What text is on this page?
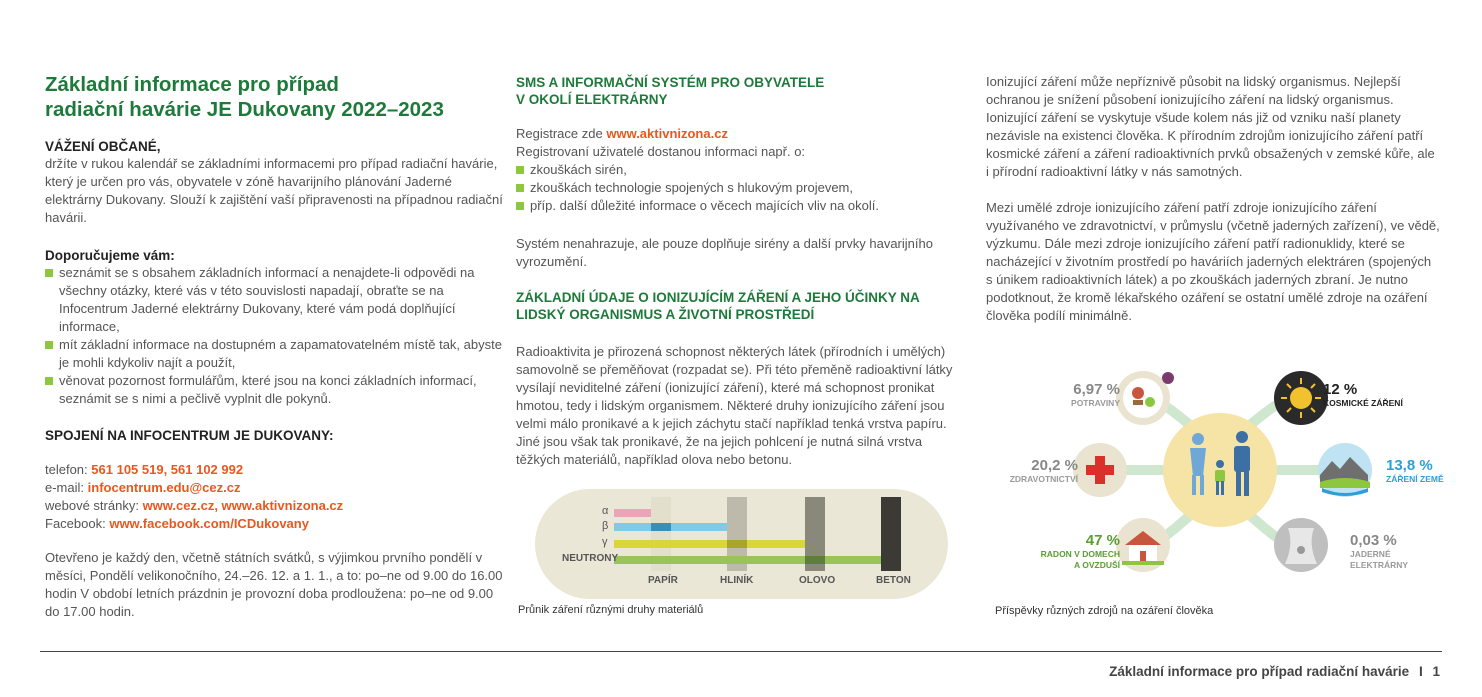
Základní informace pro případ
radiační havárie JE Dukovany 2022–2023
VÁŽENÍ OBČANÉ,

držíte v rukou kalendář se základními informacemi pro případ radiační havárie, který je určen pro vás, obyvatele v zóně havarijního plánování Jaderné elektrárny Dukovany. Slouží k zajištění vaší připravenosti na případnou radiační havárii.

Doporučujeme vám:
seznámit se s obsahem základních informací a nenajdete-li odpovědi na všechny otázky, které vás v této souvislosti napadají, obraťte se na Infocentrum Jaderné elektrárny Dukovany, které vám podá doplňující informace,
mít základní informace na dostupném a zapamatovatelném místě tak, abyste je mohli kdykoliv najít a použít,
věnovat pozornost formulářům, které jsou na konci základních informací, seznámit se s nimi a pečlivě vyplnit dle pokynů.
SPOJENÍ NA INFOCENTRUM JE DUKOVANY:

telefon: 561 105 519, 561 102 992

e-mail: infocentrum.edu@cez.cz

webové stránky: www.cez.cz, www.aktivnizona.cz

Facebook: www.facebook.com/ICDukovany

Otevřeno je každý den, včetně státních svátků, s výjimkou prvního pondělí v měsíci, Pondělí velikonočního, 24.–26. 12. a 1. 1., a to: po–ne od 9.00 do 16.00 hodin V období letních prázdnin je provozní doba prodloužena: po–ne od 9.00 do 17.00 hodin.

SMS A INFORMAČNÍ SYSTÉM PRO OBYVATELE
V OKOLÍ ELEKTRÁRNY

Registrace zde www.aktivnizona.cz

Registrovaní uživatelé dostanou informaci např. o:

zkouškách sirén,
zkouškách technologie spojených s hlukovým projevem,
příp. další důležité informace o věcech majících vliv na okolí.

Systém nenahrazuje, ale pouze doplňuje sirény a další prvky havarijního vyrozumění.

ZÁKLADNÍ ÚDAJE O IONIZUJÍCÍM ZÁŘENÍ A JEHO ÚČINKY NA
LIDSKÝ ORGANISMUS A ŽIVOTNÍ PROSTŘEDÍ

Radioaktivita je přirozená schopnost některých látek (přírodních i umělých) samovolně se přeměňovat (rozpadat se). Při této přeměně radioaktivní látky vysílají neviditelné záření (ionizující záření), které má schopnost pronikat hmotou, tedy i lidským organismem. Některé druhy ionizujícího záření jsou velmi málo pronikavé a k jejich záchytu stačí například tenká vrstva papíru. Jiné jsou však tak pronikavé, že na jejich pohlcení je nutná silná vrstva těžkých materiálů, například olova nebo betonu.

α
β
γ
NEUTRONY
PAPÍR	HLINÍK	OLOVO	BETON
Průnik záření různými druhy materiálů

Ionizující záření může nepříznivě působit na lidský organismus. Nejlepší ochranou je snížení působení ionizujícího záření na lidský organismus. Ionizující záření se vyskytuje všude kolem nás již od vzniku naší planety nezávisle na existenci člověka. K přírodním zdrojům ionizujícího záření patří kosmické záření a záření radioaktivních prvků obsažených v zemské kůře, ale i přírodní radioaktivní látky v nás samotných.

Mezi umělé zdroje ionizujícího záření patří zdroje ionizujícího záření využívaného ve zdravotnictví, v průmyslu (včetně jaderných zařízení), ve vědě, výzkumu. Dále mezi zdroje ionizujícího záření patří radionuklidy, které se nacházející v životním prostředí po haváriích jaderných elektráren (spojených s únikem radioaktivních látek) a po zkouškách jaderných zbraní. Je nutno podotknout, že kromě lékařského ozáření se ostatní umělé zdroje na ozáření člověka podílí minimálně.

6,97 %
POTRAVINY
12 %
KOSMICKÉ ZÁŘENÍ
20,2 %
ZDRAVOTNICTVÍ
13,8 %
ZÁŘENÍ ZEMĚ
47 %
RADON V DOMECH
A OVZDUŠÍ
0,03 %
JADERNÉ
ELEKTRÁRNY
Příspěvky různých zdrojů na ozáření člověka
Základní informace pro případ radiační havárie I 1
